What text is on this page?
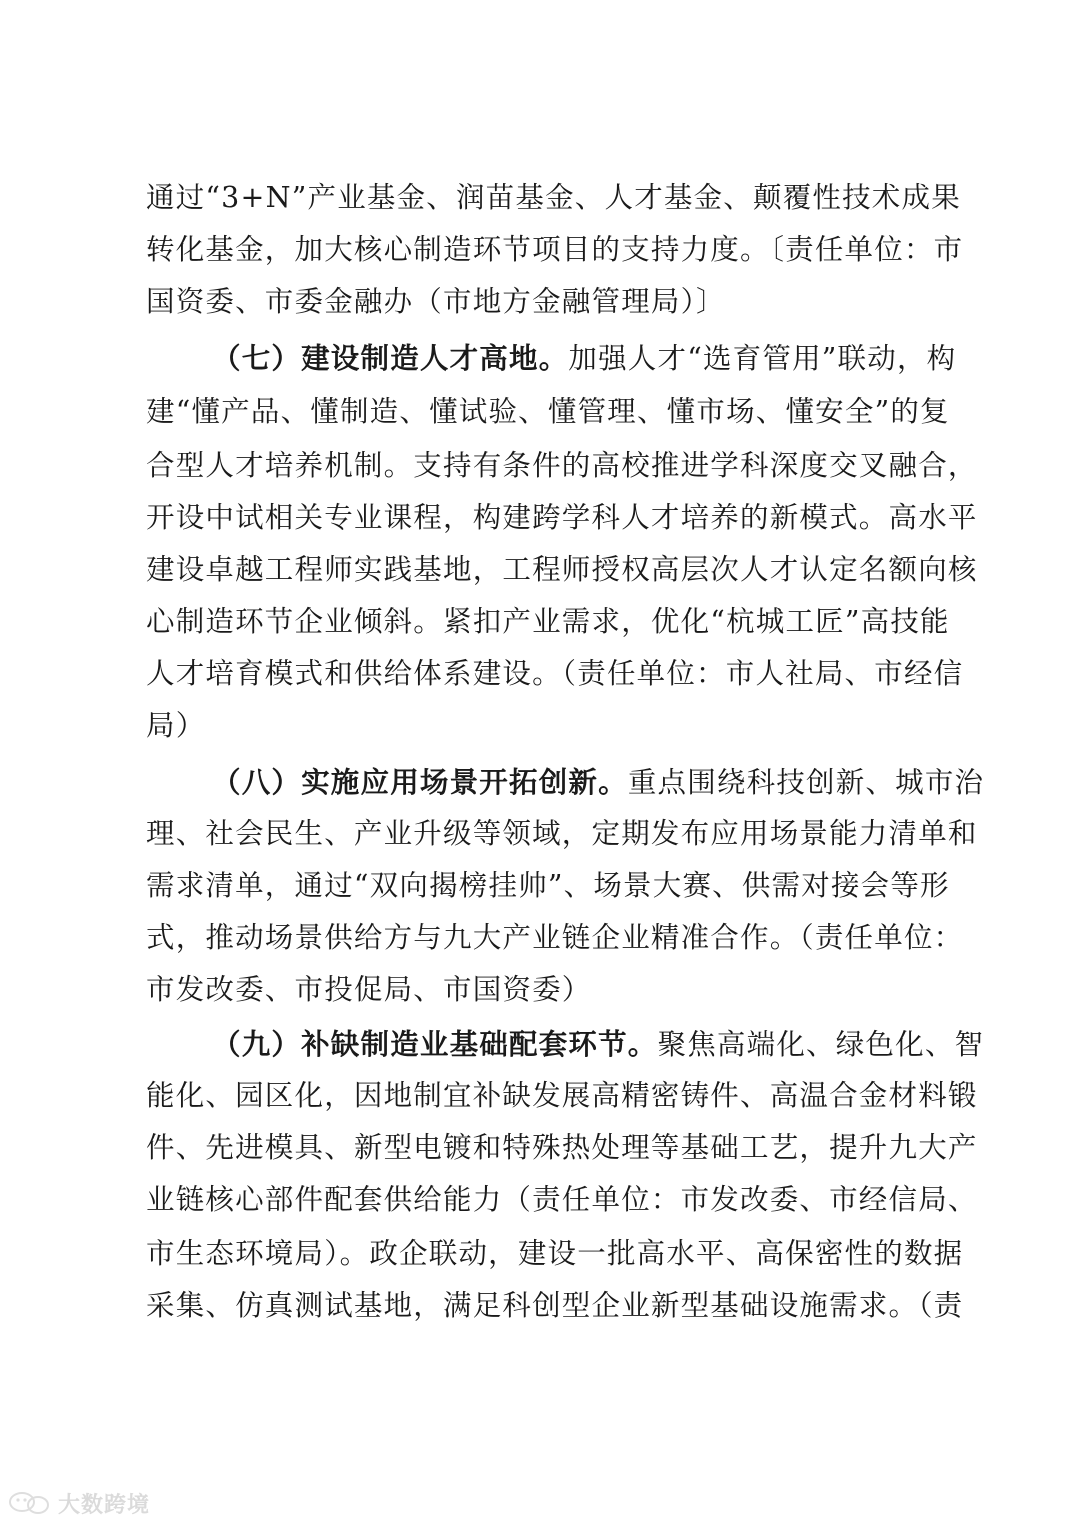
通过“3+N”产业基金、润苗基金、人才基金、颠覆性技术成果
转化基金，加大核心制造环节项目的支持力度。〔责任单位：市
国资委、市委金融办（市地方金融管理局）〕
（七）建设制造人才高地。加强人才“选育管用”联动，构
建“懂产品、懂制造、懂试验、懂管理、懂市场、懂安全”的复
合型人才培养机制。支持有条件的高校推进学科深度交叉融合，
开设中试相关专业课程，构建跨学科人才培养的新模式。高水平
建设卓越工程师实践基地，工程师授权高层次人才认定名额向核
心制造环节企业倾斜。紧扣产业需求，优化“杭城工匠”高技能
人才培育模式和供给体系建设。（责任单位：市人社局、市经信
局）
（八）实施应用场景开拓创新。重点围绕科技创新、城市治
理、社会民生、产业升级等领域，定期发布应用场景能力清单和
需求清单，通过“双向揭榜挂帅”、场景大赛、供需对接会等形
式，推动场景供给方与九大产业链企业精准合作。（责任单位：
市发改委、市投促局、市国资委）
（九）补缺制造业基础配套环节。聚焦高端化、绿色化、智
能化、园区化，因地制宜补缺发展高精密铸件、高温合金材料锻
件、先进模具、新型电镀和特殊热处理等基础工艺，提升九大产
业链核心部件配套供给能力（责任单位：市发改委、市经信局、
市生态环境局）。政企联动，建设一批高水平、高保密性的数据
采集、仿真测试基地，满足科创型企业新型基础设施需求。（责
大数跨境
